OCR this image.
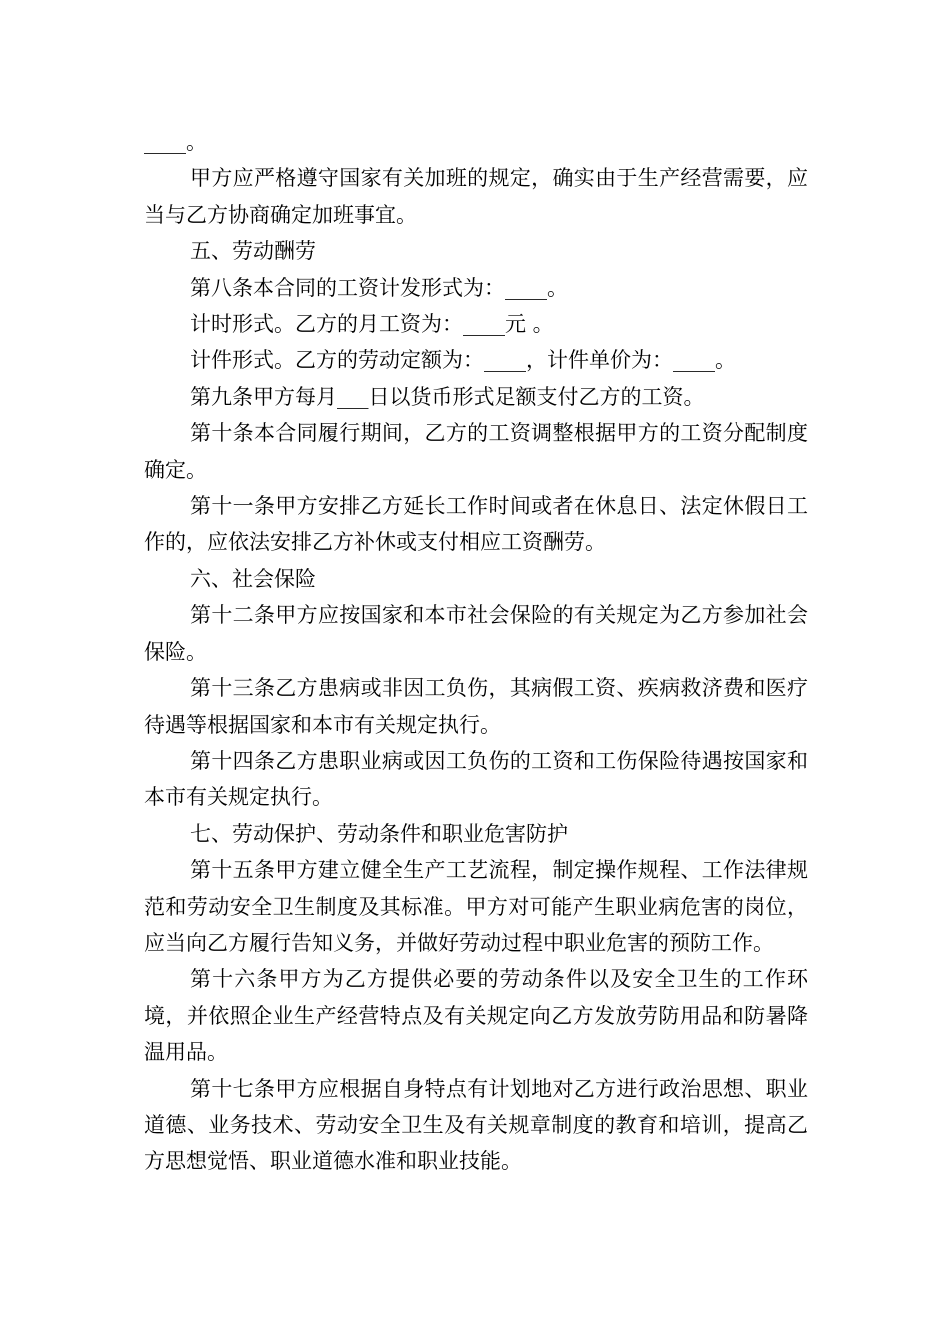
____。

甲方应严格遵守国家有关加班的规定，确实由于生产经营需要，应当与乙方协商确定加班事宜。

五、劳动酬劳

第八条本合同的工资计发形式为：____。

计时形式。乙方的月工资为：____元 。

计件形式。乙方的劳动定额为：____，计件单价为：____。

第九条甲方每月___日以货币形式足额支付乙方的工资。

第十条本合同履行期间，乙方的工资调整根据甲方的工资分配制度确定。

第十一条甲方安排乙方延长工作时间或者在休息日、法定休假日工作的，应依法安排乙方补休或支付相应工资酬劳。

六、社会保险

第十二条甲方应按国家和本市社会保险的有关规定为乙方参加社会保险。

第十三条乙方患病或非因工负伤，其病假工资、疾病救济费和医疗待遇等根据国家和本市有关规定执行。

第十四条乙方患职业病或因工负伤的工资和工伤保险待遇按国家和本市有关规定执行。

七、劳动保护、劳动条件和职业危害防护

第十五条甲方建立健全生产工艺流程，制定操作规程、工作法律规范和劳动安全卫生制度及其标准。甲方对可能产生职业病危害的岗位，应当向乙方履行告知义务，并做好劳动过程中职业危害的预防工作。

第十六条甲方为乙方提供必要的劳动条件以及安全卫生的工作环境，并依照企业生产经营特点及有关规定向乙方发放劳防用品和防暑降温用品。

第十七条甲方应根据自身特点有计划地对乙方进行政治思想、职业道德、业务技术、劳动安全卫生及有关规章制度的教育和培训，提高乙方思想觉悟、职业道德水准和职业技能。
